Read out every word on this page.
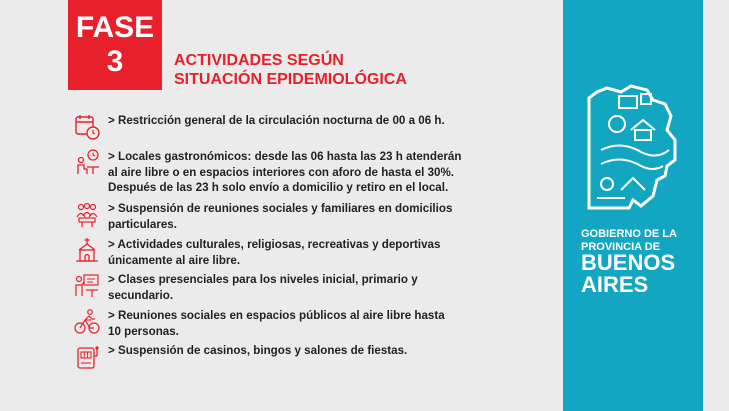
FASE
3	ACTIVIDADES SEGÚN
SITUACIÓN EPIDEMIOLÓGICA
> Restricción general de la circulación nocturna de 00 a 06 h.
> Locales gastronómicos: desde las 06 hasta las 23 h atenderán
al aire libre o en espacios interiores con aforo de hasta el 30%.
Después de las 23 h solo envío a domicilio y retiro en el local.
> Suspensión de reuniones sociales y familiares en domicilios
particulares.
> Actividades culturales, religiosas, recreativas y deportivas
únicamente al aire libre.
> Clases presenciales para los niveles inicial, primario y
secundario.
> Reuniones sociales en espacios públicos al aire libre hasta
10 personas.
> Suspensión de casinos, bingos y salones de fiestas.
GOBIERNO DE LA
PROVINCIA DE
BUENOS
AIRES
